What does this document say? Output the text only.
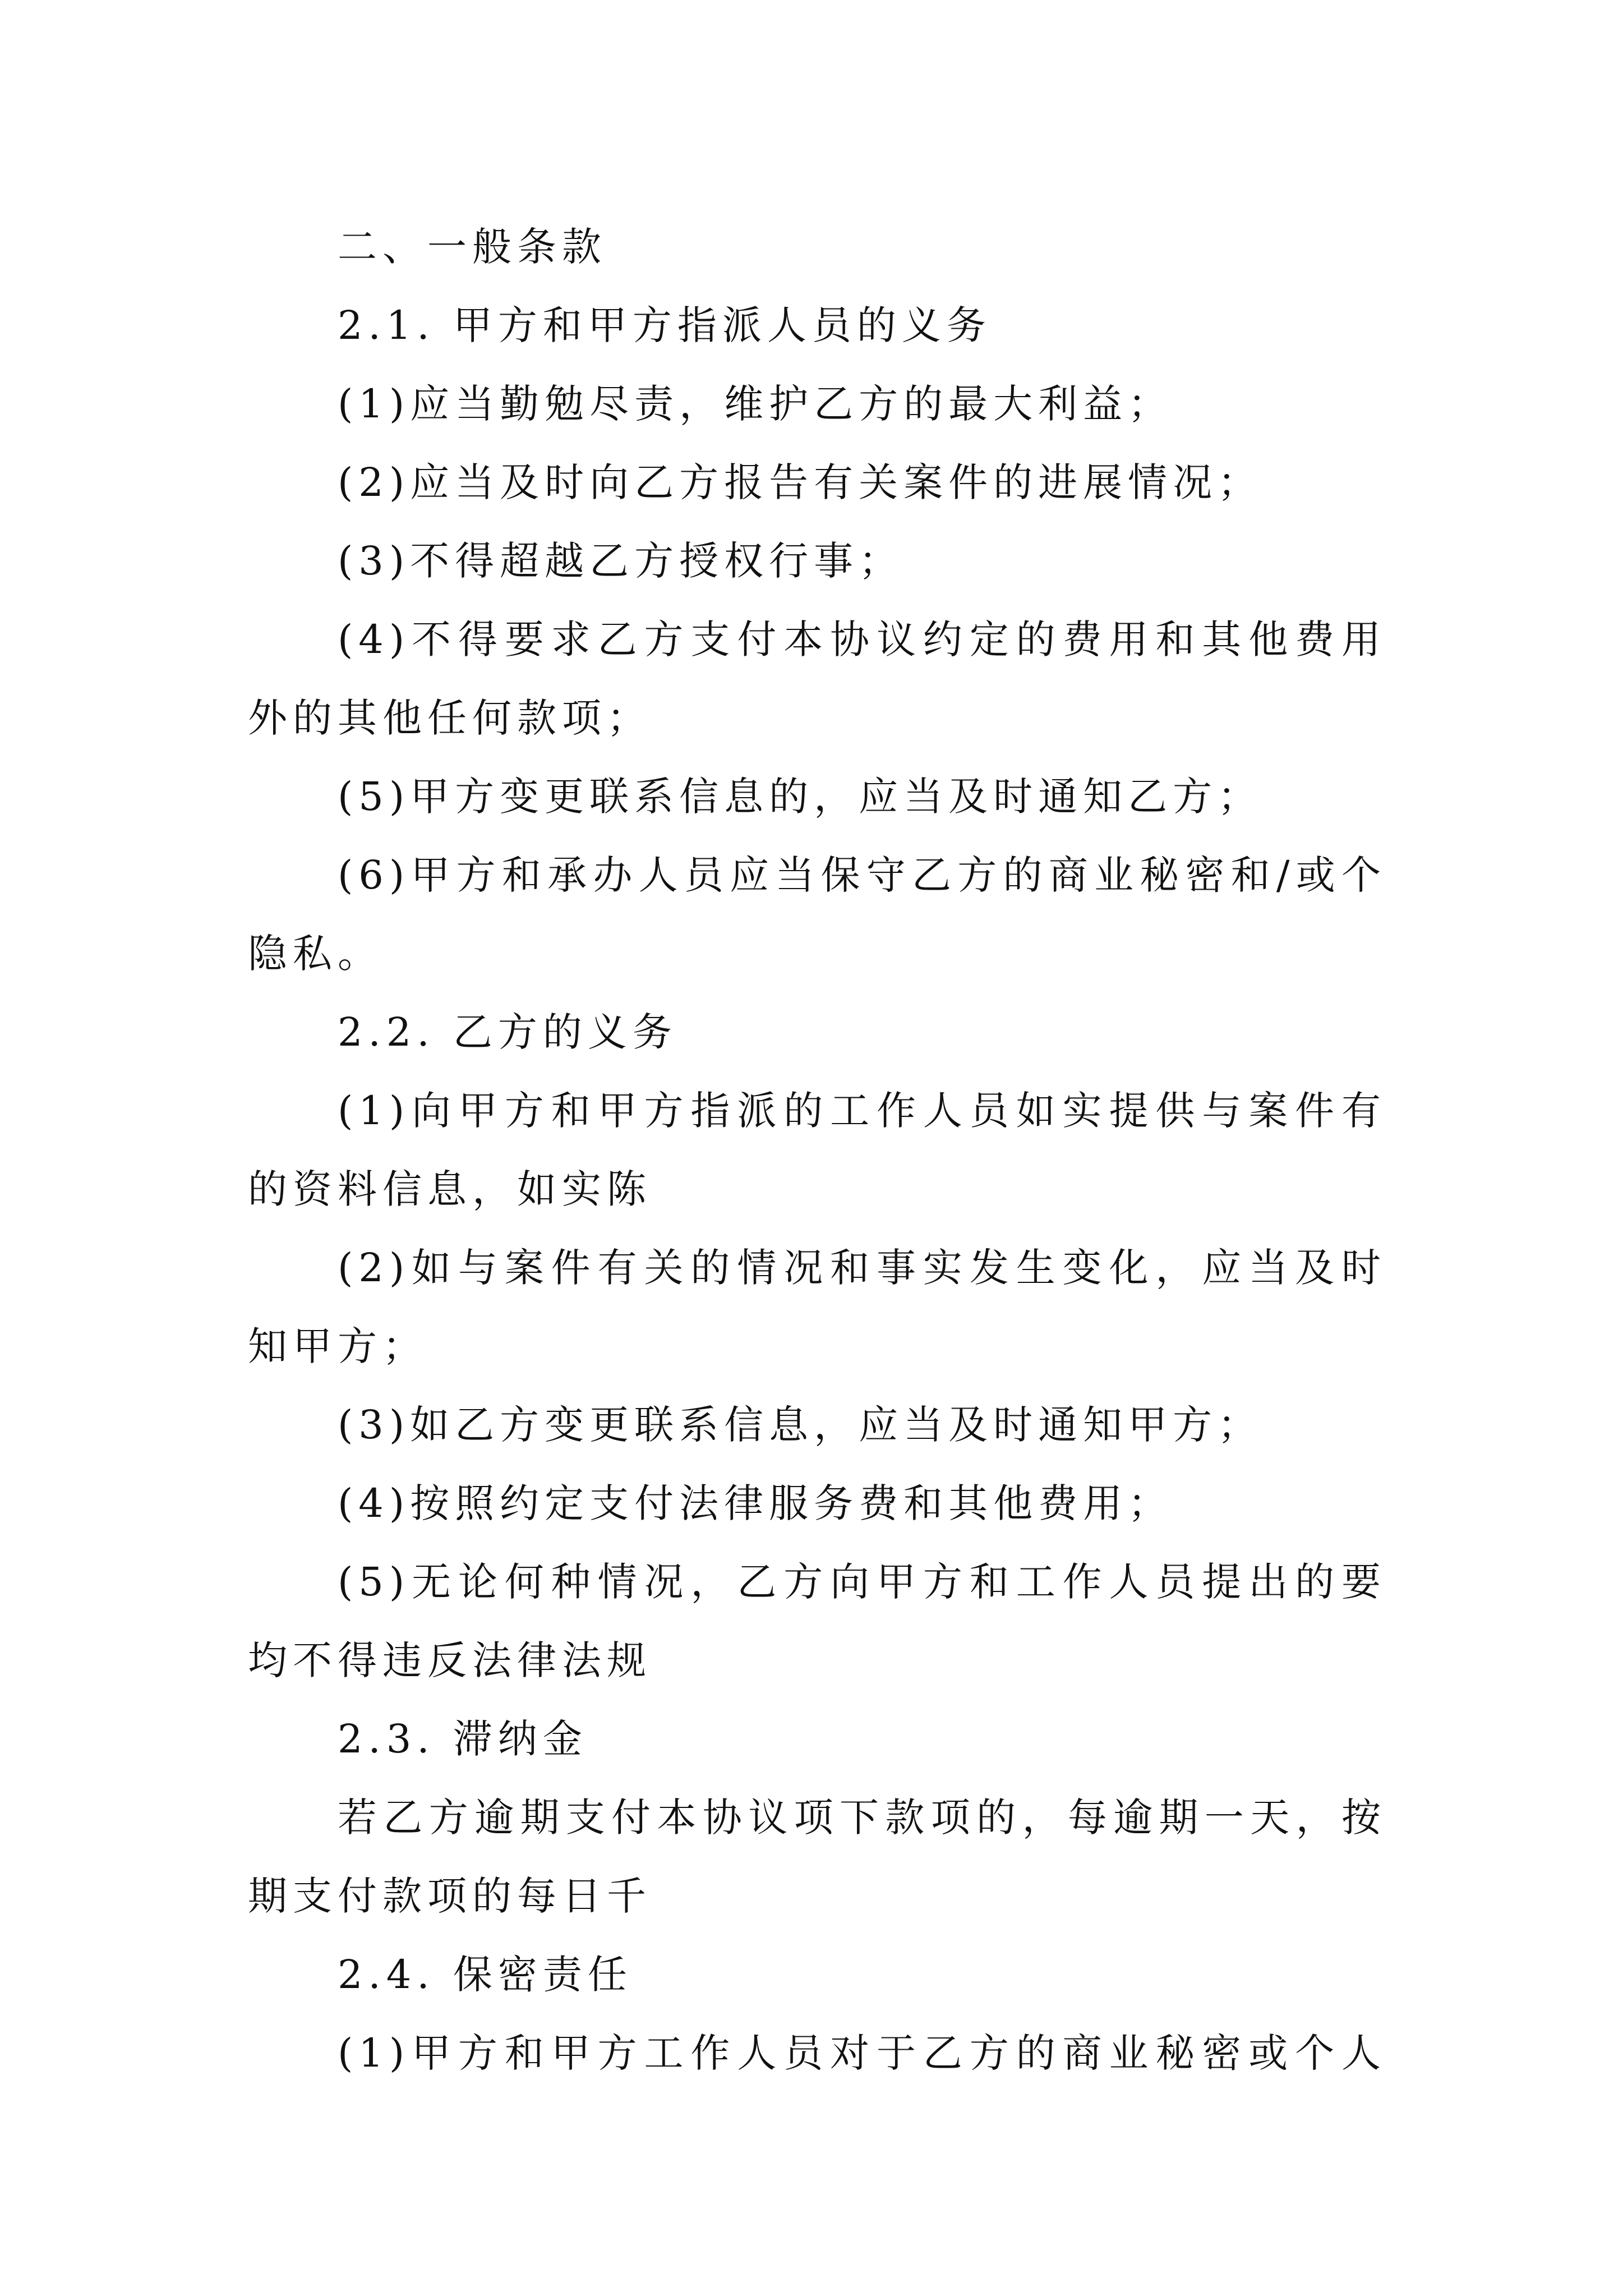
二、一般条款
2.1. 甲方和甲方指派人员的义务
(1)应当勤勉尽责，维护乙方的最大利益；
(2)应当及时向乙方报告有关案件的进展情况；
(3)不得超越乙方授权行事；
(4)不得要求乙方支付本协议约定的费用和其他费用
外的其他任何款项；
(5)甲方变更联系信息的，应当及时通知乙方；
(6)甲方和承办人员应当保守乙方的商业秘密和/或个
隐私。
2.2. 乙方的义务
(1)向甲方和甲方指派的工作人员如实提供与案件有
的资料信息，如实陈
(2)如与案件有关的情况和事实发生变化，应当及时
知甲方；
(3)如乙方变更联系信息，应当及时通知甲方；
(4)按照约定支付法律服务费和其他费用；
(5)无论何种情况，乙方向甲方和工作人员提出的要
均不得违反法律法规
2.3. 滞纳金
若乙方逾期支付本协议项下款项的，每逾期一天，按
期支付款项的每日千
2.4. 保密责任
(1)甲方和甲方工作人员对于乙方的商业秘密或个人
